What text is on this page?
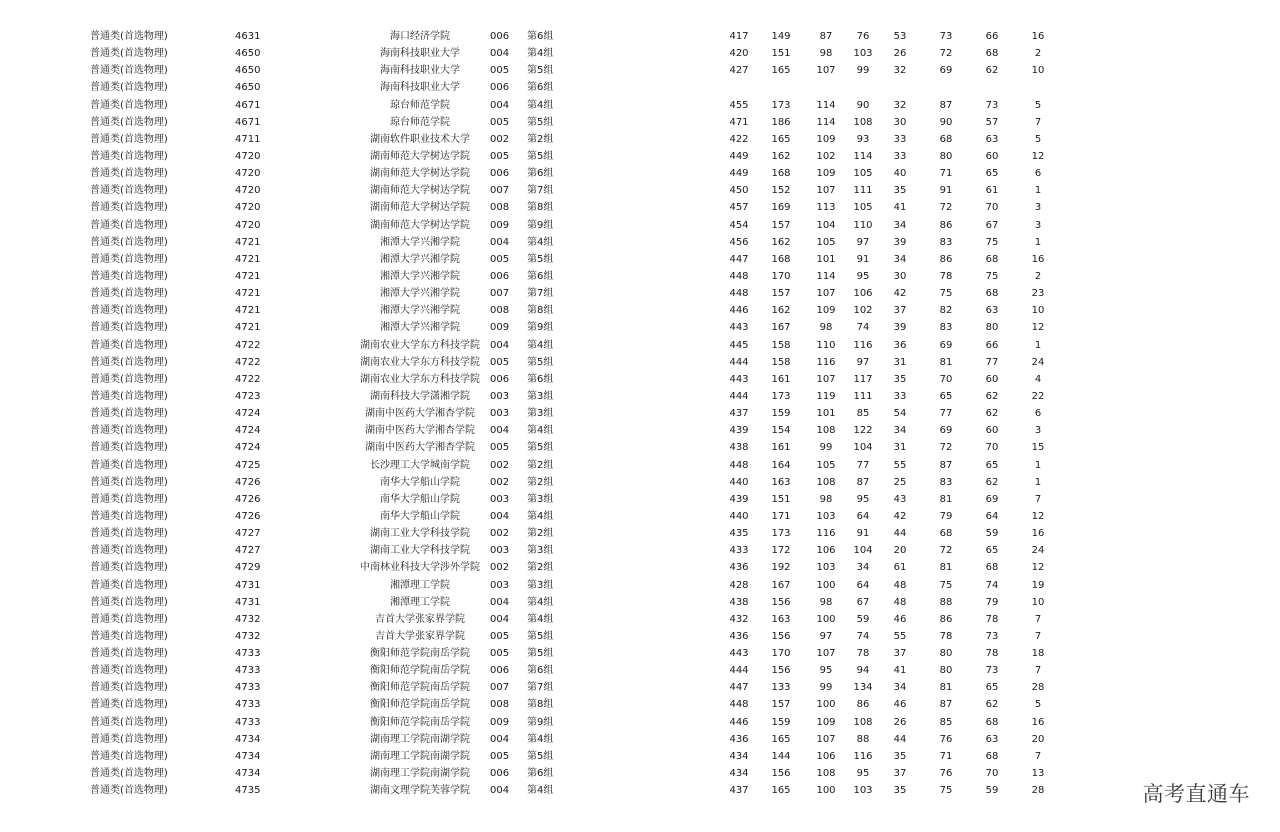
普通类(首选物理)	4631	海口经济学院	006 第6组	417	149	87	76	53	73	66	16
普通类(首选物理)	4650	海南科技职业大学	004 第4组	420	151	98	103	26	72	68	2
普通类(首选物理)	4650	海南科技职业大学	005 第5组	427	165	107	99	32	69	62	10
普通类(首选物理)	4650	海南科技职业大学	006 第6组
普通类(首选物理)	4671	琼台师范学院	004 第4组	455	173	114	90	32	87	73	5
普通类(首选物理)	4671	琼台师范学院	005 第5组	471	186	114	108	30	90	57	7
普通类(首选物理)	4711	湖南软件职业技术大学	002 第2组	422	165	109	93	33	68	63	5
普通类(首选物理)	4720	湖南师范大学树达学院	005 第5组	449	162	102	114	33	80	60	12
普通类(首选物理)	4720	湖南师范大学树达学院	006 第6组	449	168	109	105	40	71	65	6
普通类(首选物理)	4720	湖南师范大学树达学院	007 第7组	450	152	107	111	35	91	61	1
普通类(首选物理)	4720	湖南师范大学树达学院	008 第8组	457	169	113	105	41	72	70	3
普通类(首选物理)	4720	湖南师范大学树达学院	009 第9组	454	157	104	110	34	86	67	3
普通类(首选物理)	4721	湘潭大学兴湘学院	004 第4组	456	162	105	97	39	83	75	1
普通类(首选物理)	4721	湘潭大学兴湘学院	005 第5组	447	168	101	91	34	86	68	16
普通类(首选物理)	4721	湘潭大学兴湘学院	006 第6组	448	170	114	95	30	78	75	2
普通类(首选物理)	4721	湘潭大学兴湘学院	007 第7组	448	157	107	106	42	75	68	23
普通类(首选物理)	4721	湘潭大学兴湘学院	008 第8组	446	162	109	102	37	82	63	10
普通类(首选物理)	4721	湘潭大学兴湘学院	009 第9组	443	167	98	74	39	83	80	12
普通类(首选物理)	4722	湖南农业大学东方科技学院	004 第4组	445	158	110	116	36	69	66	1
普通类(首选物理)	4722	湖南农业大学东方科技学院	005 第5组	444	158	116	97	31	81	77	24
普通类(首选物理)	4722	湖南农业大学东方科技学院	006 第6组	443	161	107	117	35	70	60	4
普通类(首选物理)	4723	湖南科技大学潇湘学院	003 第3组	444	173	119	111	33	65	62	22
普通类(首选物理)	4724	湖南中医药大学湘杏学院	003 第3组	437	159	101	85	54	77	62	6
普通类(首选物理)	4724	湖南中医药大学湘杏学院	004 第4组	439	154	108	122	34	69	60	3
普通类(首选物理)	4724	湖南中医药大学湘杏学院	005 第5组	438	161	99	104	31	72	70	15
普通类(首选物理)	4725	长沙理工大学城南学院	002 第2组	448	164	105	77	55	87	65	1
普通类(首选物理)	4726	南华大学船山学院	002 第2组	440	163	108	87	25	83	62	1
普通类(首选物理)	4726	南华大学船山学院	003 第3组	439	151	98	95	43	81	69	7
普通类(首选物理)	4726	南华大学船山学院	004 第4组	440	171	103	64	42	79	64	12
普通类(首选物理)	4727	湖南工业大学科技学院	002 第2组	435	173	116	91	44	68	59	16
普通类(首选物理)	4727	湖南工业大学科技学院	003 第3组	433	172	106	104	20	72	65	24
普通类(首选物理)	4729	中南林业科技大学涉外学院	002 第2组	436	192	103	34	61	81	68	12
普通类(首选物理)	4731	湘潭理工学院	003 第3组	428	167	100	64	48	75	74	19
普通类(首选物理)	4731	湘潭理工学院	004 第4组	438	156	98	67	48	88	79	10
普通类(首选物理)	4732	吉首大学张家界学院	004 第4组	432	163	100	59	46	86	78	7
普通类(首选物理)	4732	吉首大学张家界学院	005 第5组	436	156	97	74	55	78	73	7
普通类(首选物理)	4733	衡阳师范学院南岳学院	005 第5组	443	170	107	78	37	80	78	18
普通类(首选物理)	4733	衡阳师范学院南岳学院	006 第6组	444	156	95	94	41	80	73	7
普通类(首选物理)	4733	衡阳师范学院南岳学院	007 第7组	447	133	99	134	34	81	65	28
普通类(首选物理)	4733	衡阳师范学院南岳学院	008 第8组	448	157	100	86	46	87	62	5
普通类(首选物理)	4733	衡阳师范学院南岳学院	009 第9组	446	159	109	108	26	85	68	16
普通类(首选物理)	4734	湖南理工学院南湖学院	004 第4组	436	165	107	88	44	76	63	20
普通类(首选物理)	4734	湖南理工学院南湖学院	005 第5组	434	144	106	116	35	71	68	7
普通类(首选物理)	4734	湖南理工学院南湖学院	006 第6组	434	156	108	95	37	76	70	13
普通类(首选物理)	4735	湖南文理学院芙蓉学院	004 第4组	437	165	100	103	35	75	59	28	高考直通车
